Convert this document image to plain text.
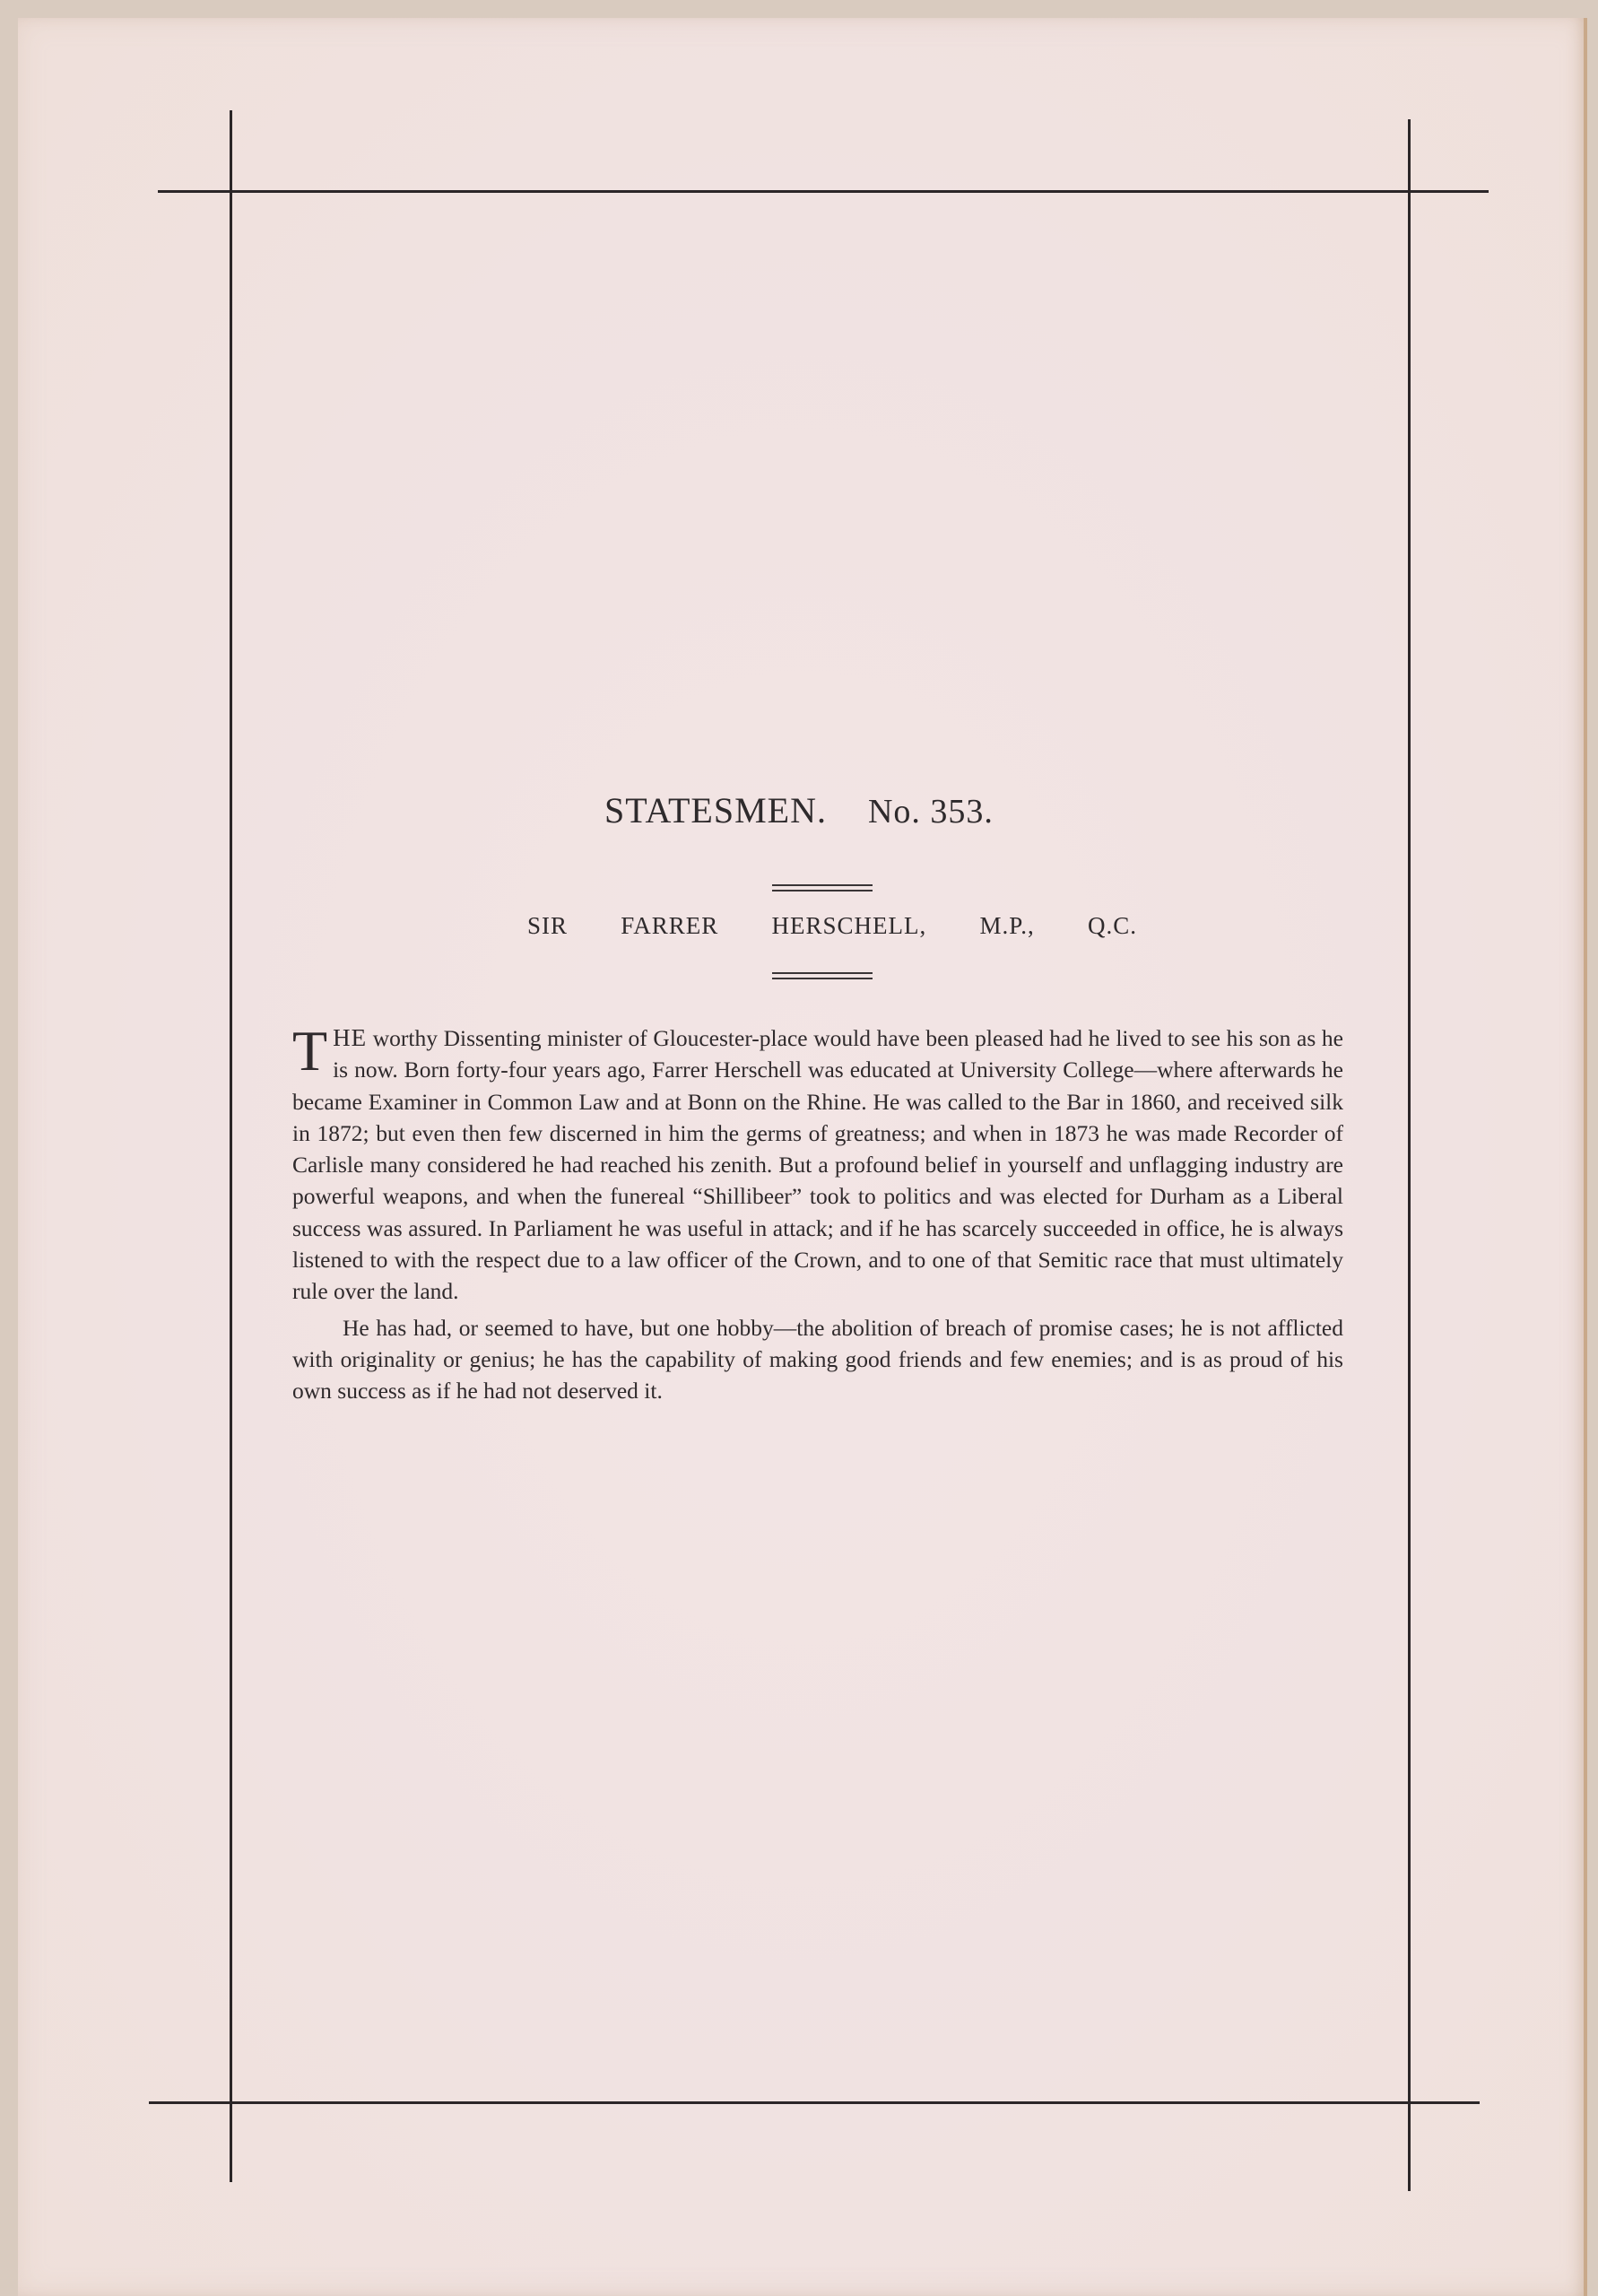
STATESMEN. No. 353.
SIR FARRER HERSCHELL, M.P., Q.C.

THE worthy Dissenting minister of Gloucester-place would have been pleased had he lived to see his son as he is now. Born forty-four years ago, Farrer Herschell was educated at University College—where afterwards he became Examiner in Common Law and at Bonn on the Rhine. He was called to the Bar in 1860, and received silk in 1872; but even then few discerned in him the germs of greatness; and when in 1873 he was made Recorder of Carlisle many considered he had reached his zenith. But a profound belief in yourself and unflagging industry are powerful weapons, and when the funereal “Shillibeer” took to politics and was elected for Durham as a Liberal success was assured. In Parliament he was useful in attack; and if he has scarcely succeeded in office, he is always listened to with the respect due to a law officer of the Crown, and to one of that Semitic race that must ultimately rule over the land.

He has had, or seemed to have, but one hobby—the abolition of breach of promise cases; he is not afflicted with originality or genius; he has the capability of making good friends and few enemies; and is as proud of his own success as if he had not deserved it.
